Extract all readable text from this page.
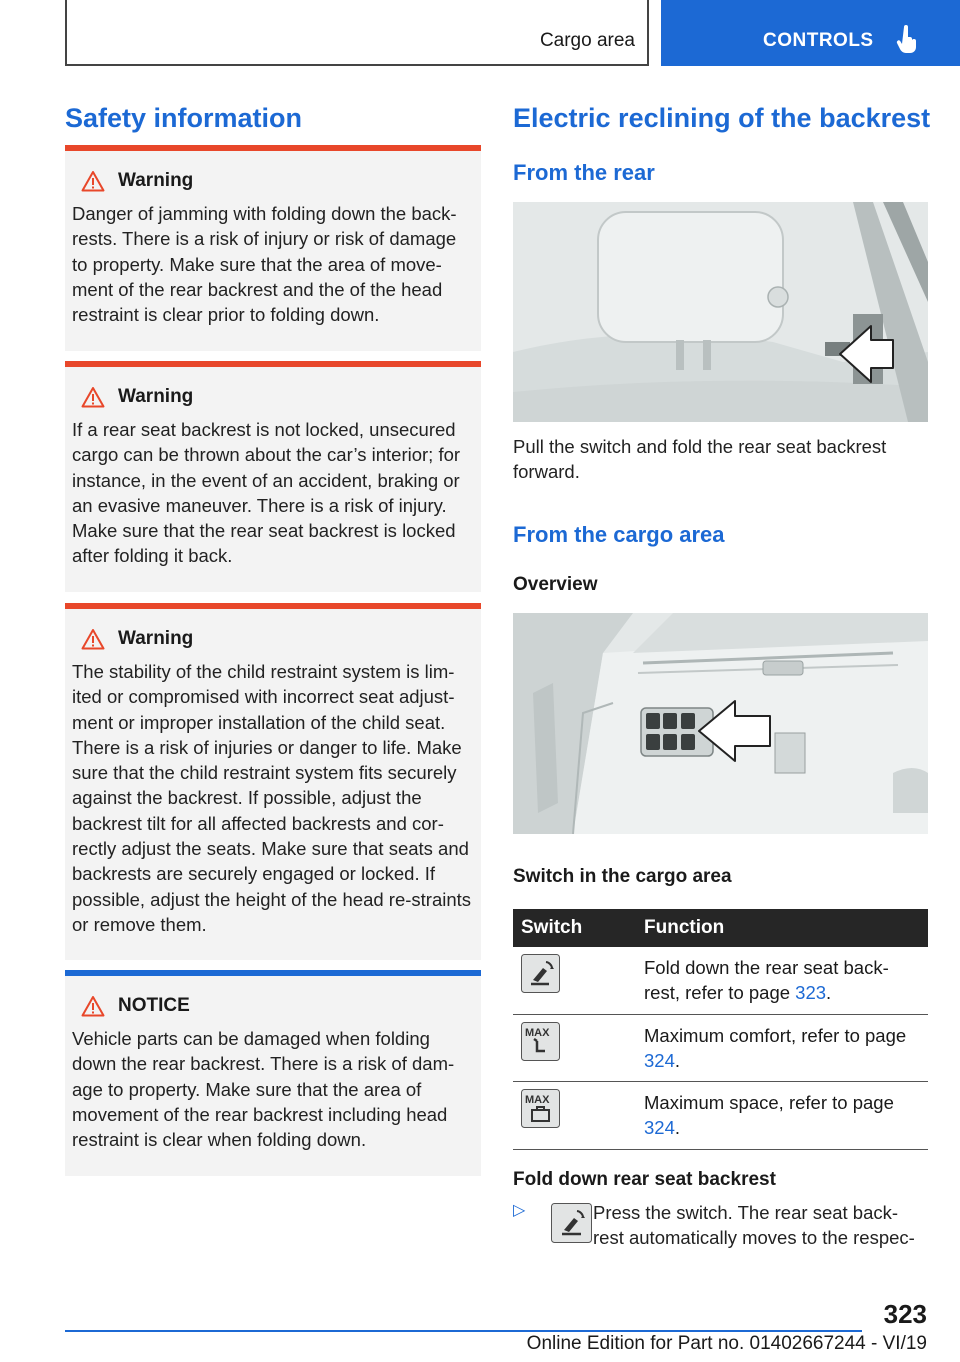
Cargo area	CONTROLS
Safety information
Warning
Danger of jamming with folding down the back-rests. There is a risk of injury or risk of damage to property. Make sure that the area of move-ment of the rear backrest and the of the head restraint is clear prior to folding down.
Warning
If a rear seat backrest is not locked, unsecured cargo can be thrown about the car’s interior; for instance, in the event of an accident, braking or an evasive maneuver. There is a risk of injury. Make sure that the rear seat backrest is locked after folding it back.
Warning
The stability of the child restraint system is lim-ited or compromised with incorrect seat adjust-ment or improper installation of the child seat. There is a risk of injuries or danger to life. Make sure that the child restraint system fits securely against the backrest. If possible, adjust the backrest tilt for all affected backrests and cor-rectly adjust the seats. Make sure that seats and backrests are securely engaged or locked. If possible, adjust the height of the head re-straints or remove them.
NOTICE
Vehicle parts can be damaged when folding down the rear backrest. There is a risk of dam-age to property. Make sure that the area of movement of the rear backrest including head restraint is clear when folding down.
Electric reclining of the backrest
From the rear
Pull the switch and fold the rear seat backrest forward.
From the cargo area
Overview
Switch in the cargo area
Switch	Function

	Fold down the rear seat back-rest, refer to page 323.

MAX	Maximum comfort, refer to page 324.

MAX	Maximum space, refer to page 324.
Fold down rear seat backrest
▷	Press the switch. The rear seat back-rest automatically moves to the respec-
323
Online Edition for Part no. 01402667244 - VI/19
